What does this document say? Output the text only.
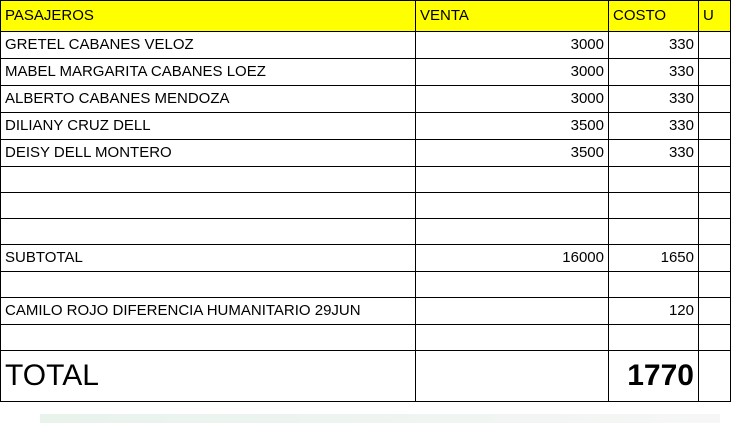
PASAJEROS	VENTA	COSTO	U
GRETEL CABANES VELOZ	3000	330	
MABEL MARGARITA CABANES LOEZ	3000	330	
ALBERTO CABANES MENDOZA	3000	330	
DILIANY CRUZ DELL	3500	330	
DEISY DELL MONTERO	3500	330	

SUBTOTAL	16000	1650	

CAMILO ROJO DIFERENCIA HUMANITARIO 29JUN		120	

TOTAL		1770	
